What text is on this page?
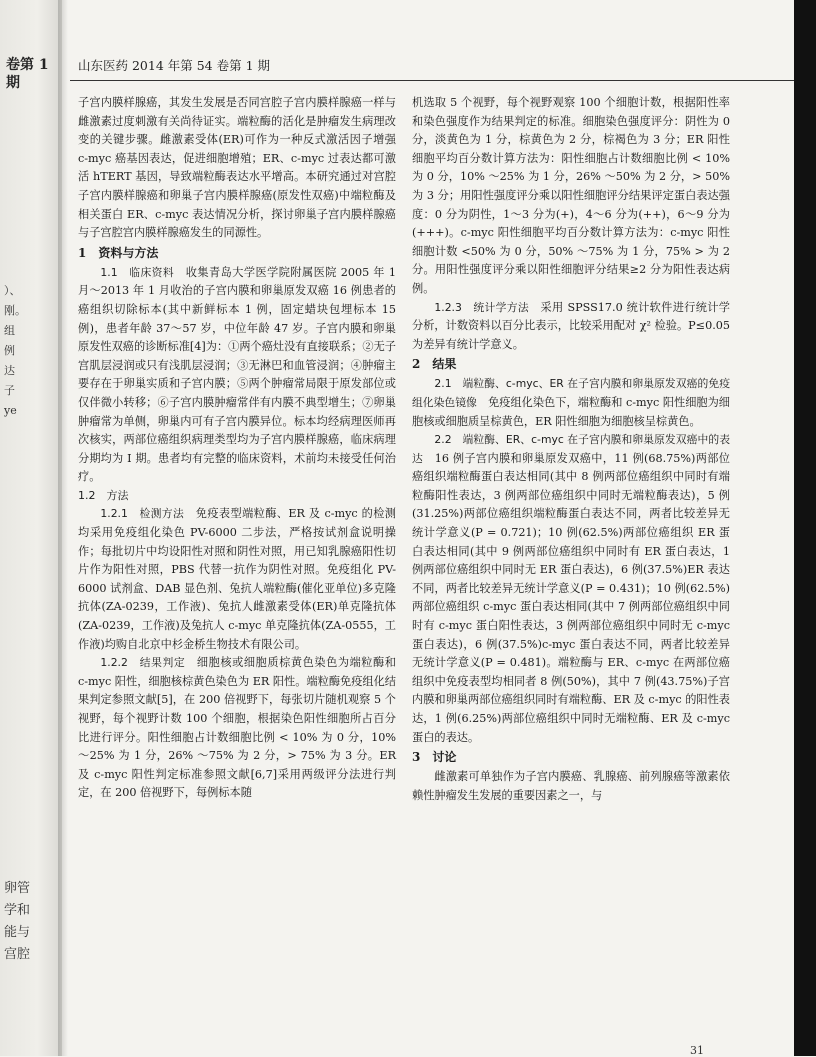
卷第 1 期
）、
刚。
组
例
达
子
ye
卵管
学和
能与
宫腔
山东医药 2014 年第 54 卷第 1 期

子宫内膜样腺癌，其发生发展是否同宫腔子宫内膜样腺癌一样与雌激素过度刺激有关尚待证实。端粒酶的活化是肿瘤发生病理改变的关键步骤。雌激素受体(ER)可作为一种反式激活因子增强 c-myc 癌基因表达，促进细胞增殖；ER、c-myc 过表达都可激活 hTERT 基因，导致端粒酶表达水平增高。本研究通过对宫腔子宫内膜样腺癌和卵巢子宫内膜样腺癌(原发性双癌)中端粒酶及相关蛋白 ER、c-myc 表达情况分析，探讨卵巢子宫内膜样腺癌与子宫腔宫内膜样腺癌发生的同源性。

1　资料与方法

1.1　临床资料　 收集青岛大学医学院附属医院 2005 年 1 月～2013 年 1 月收治的子宫内膜和卵巢原发双癌 16 例患者的癌组织切除标本(其中新鲜标本 1 例，固定蜡块包埋标本 15 例)，患者年龄 37～57 岁，中位年龄 47 岁。子宫内膜和卵巢原发性双癌的诊断标准[4]为：①两个癌灶没有直接联系；②无子宫肌层浸润或只有浅肌层浸润；③无淋巴和血管浸润；④肿瘤主要存在于卵巢实质和子宫内膜；⑤两个肿瘤常局限于原发部位或仅伴微小转移；⑥子宫内膜肿瘤常伴有内膜不典型增生；⑦卵巢肿瘤常为单侧，卵巢内可有子宫内膜异位。标本均经病理医师再次核实，两部位癌组织病理类型均为子宫内膜样腺癌，临床病理分期均为 Ⅰ 期。患者均有完整的临床资料，术前均未接受任何治疗。

1.2　方法

1.2.1　检测方法　 免疫表型端粒酶、ER 及 c-myc 的检测均采用免疫组化染色 PV-6000 二步法，严格按试剂盒说明操作；每批切片中均设阳性对照和阴性对照，用已知乳腺癌阳性切片作为阳性对照，PBS 代替一抗作为阴性对照。免疫组化 PV-6000 试剂盒、DAB 显色剂、兔抗人端粒酶(催化亚单位)多克隆抗体(ZA-0239，工作液)、兔抗人雌激素受体(ER)单克隆抗体(ZA-0239，工作液)及兔抗人 c-myc 单克隆抗体(ZA-0555，工作液)均购自北京中杉金桥生物技术有限公司。

1.2.2　结果判定　 细胞核或细胞质棕黄色染色为端粒酶和 c-myc 阳性，细胞核棕黄色染色为 ER 阳性。端粒酶免疫组化结果判定参照文献[5]，在 200 倍视野下，每张切片随机观察 5 个视野，每个视野计数 100 个细胞，根据染色阳性细胞所占百分比进行评分。阳性细胞占计数细胞比例 < 10% 为 0 分，10% ～25% 为 1 分，26% ～75% 为 2 分，> 75% 为 3 分。ER 及 c-myc 阳性判定标准参照文献[6,7]采用两级评分法进行判定，在 200 倍视野下，每例标本随

机选取 5 个视野，每个视野观察 100 个细胞计数，根据阳性率和染色强度作为结果判定的标准。细胞染色强度评分：阴性为 0 分，淡黄色为 1 分，棕黄色为 2 分，棕褐色为 3 分；ER 阳性细胞平均百分数计算方法为：阳性细胞占计数细胞比例 < 10% 为 0 分，10% ～25% 为 1 分，26% ～50% 为 2 分，> 50% 为 3 分；用阳性强度评分乘以阳性细胞评分结果评定蛋白表达强度：0 分为阴性，1～3 分为(+)，4～6 分为(++)，6～9 分为(+++)。c-myc 阳性细胞平均百分数计算方法为：c-myc 阳性细胞计数 <50% 为 0 分，50% ～75% 为 1 分，75% > 为 2 分。用阳性强度评分乘以阳性细胞评分结果≥2 分为阳性表达病例。

1.2.3　统计学方法　 采用 SPSS17.0 统计软件进行统计学分析，计数资料以百分比表示，比较采用配对 χ² 检验。P≤0.05 为差异有统计学意义。

2　结果

2.1　端粒酶、c-myc、ER 在子宫内膜和卵巢原发双癌的免疫组化染色镜像　 免疫组化染色下，端粒酶和 c-myc 阳性细胞为细胞核或细胞质呈棕黄色，ER 阳性细胞为细胞核呈棕黄色。

2.2　端粒酶、ER、c-myc 在子宫内膜和卵巢原发双癌中的表达　 16 例子宫内膜和卵巢原发双癌中，11 例(68.75%)两部位癌组织端粒酶蛋白表达相同(其中 8 例两部位癌组织中同时有端粒酶阳性表达，3 例两部位癌组织中同时无端粒酶表达)，5 例(31.25%)两部位癌组织端粒酶蛋白表达不同，两者比较差异无统计学意义(P = 0.721)；10 例(62.5%)两部位癌组织 ER 蛋白表达相同(其中 9 例两部位癌组织中同时有 ER 蛋白表达，1 例两部位癌组织中同时无 ER 蛋白表达)，6 例(37.5%)ER 表达不同，两者比较差异无统计学意义(P = 0.431)；10 例(62.5%)两部位癌组织 c-myc 蛋白表达相同(其中 7 例两部位癌组织中同时有 c-myc 蛋白阳性表达，3 例两部位癌组织中同时无 c-myc 蛋白表达)，6 例(37.5%)c-myc 蛋白表达不同，两者比较差异无统计学意义(P = 0.481)。端粒酶与 ER、c-myc 在两部位癌组织中免疫表型均相同者 8 例(50%)，其中 7 例(43.75%)子宫内膜和卵巢两部位癌组织同时有端粒酶、ER 及 c-myc 的阳性表达，1 例(6.25%)两部位癌组织中同时无端粒酶、ER 及 c-myc 蛋白的表达。

3　讨论

雌激素可单独作为子宫内膜癌、乳腺癌、前列腺癌等激素依赖性肿瘤发生发展的重要因素之一，与

31
